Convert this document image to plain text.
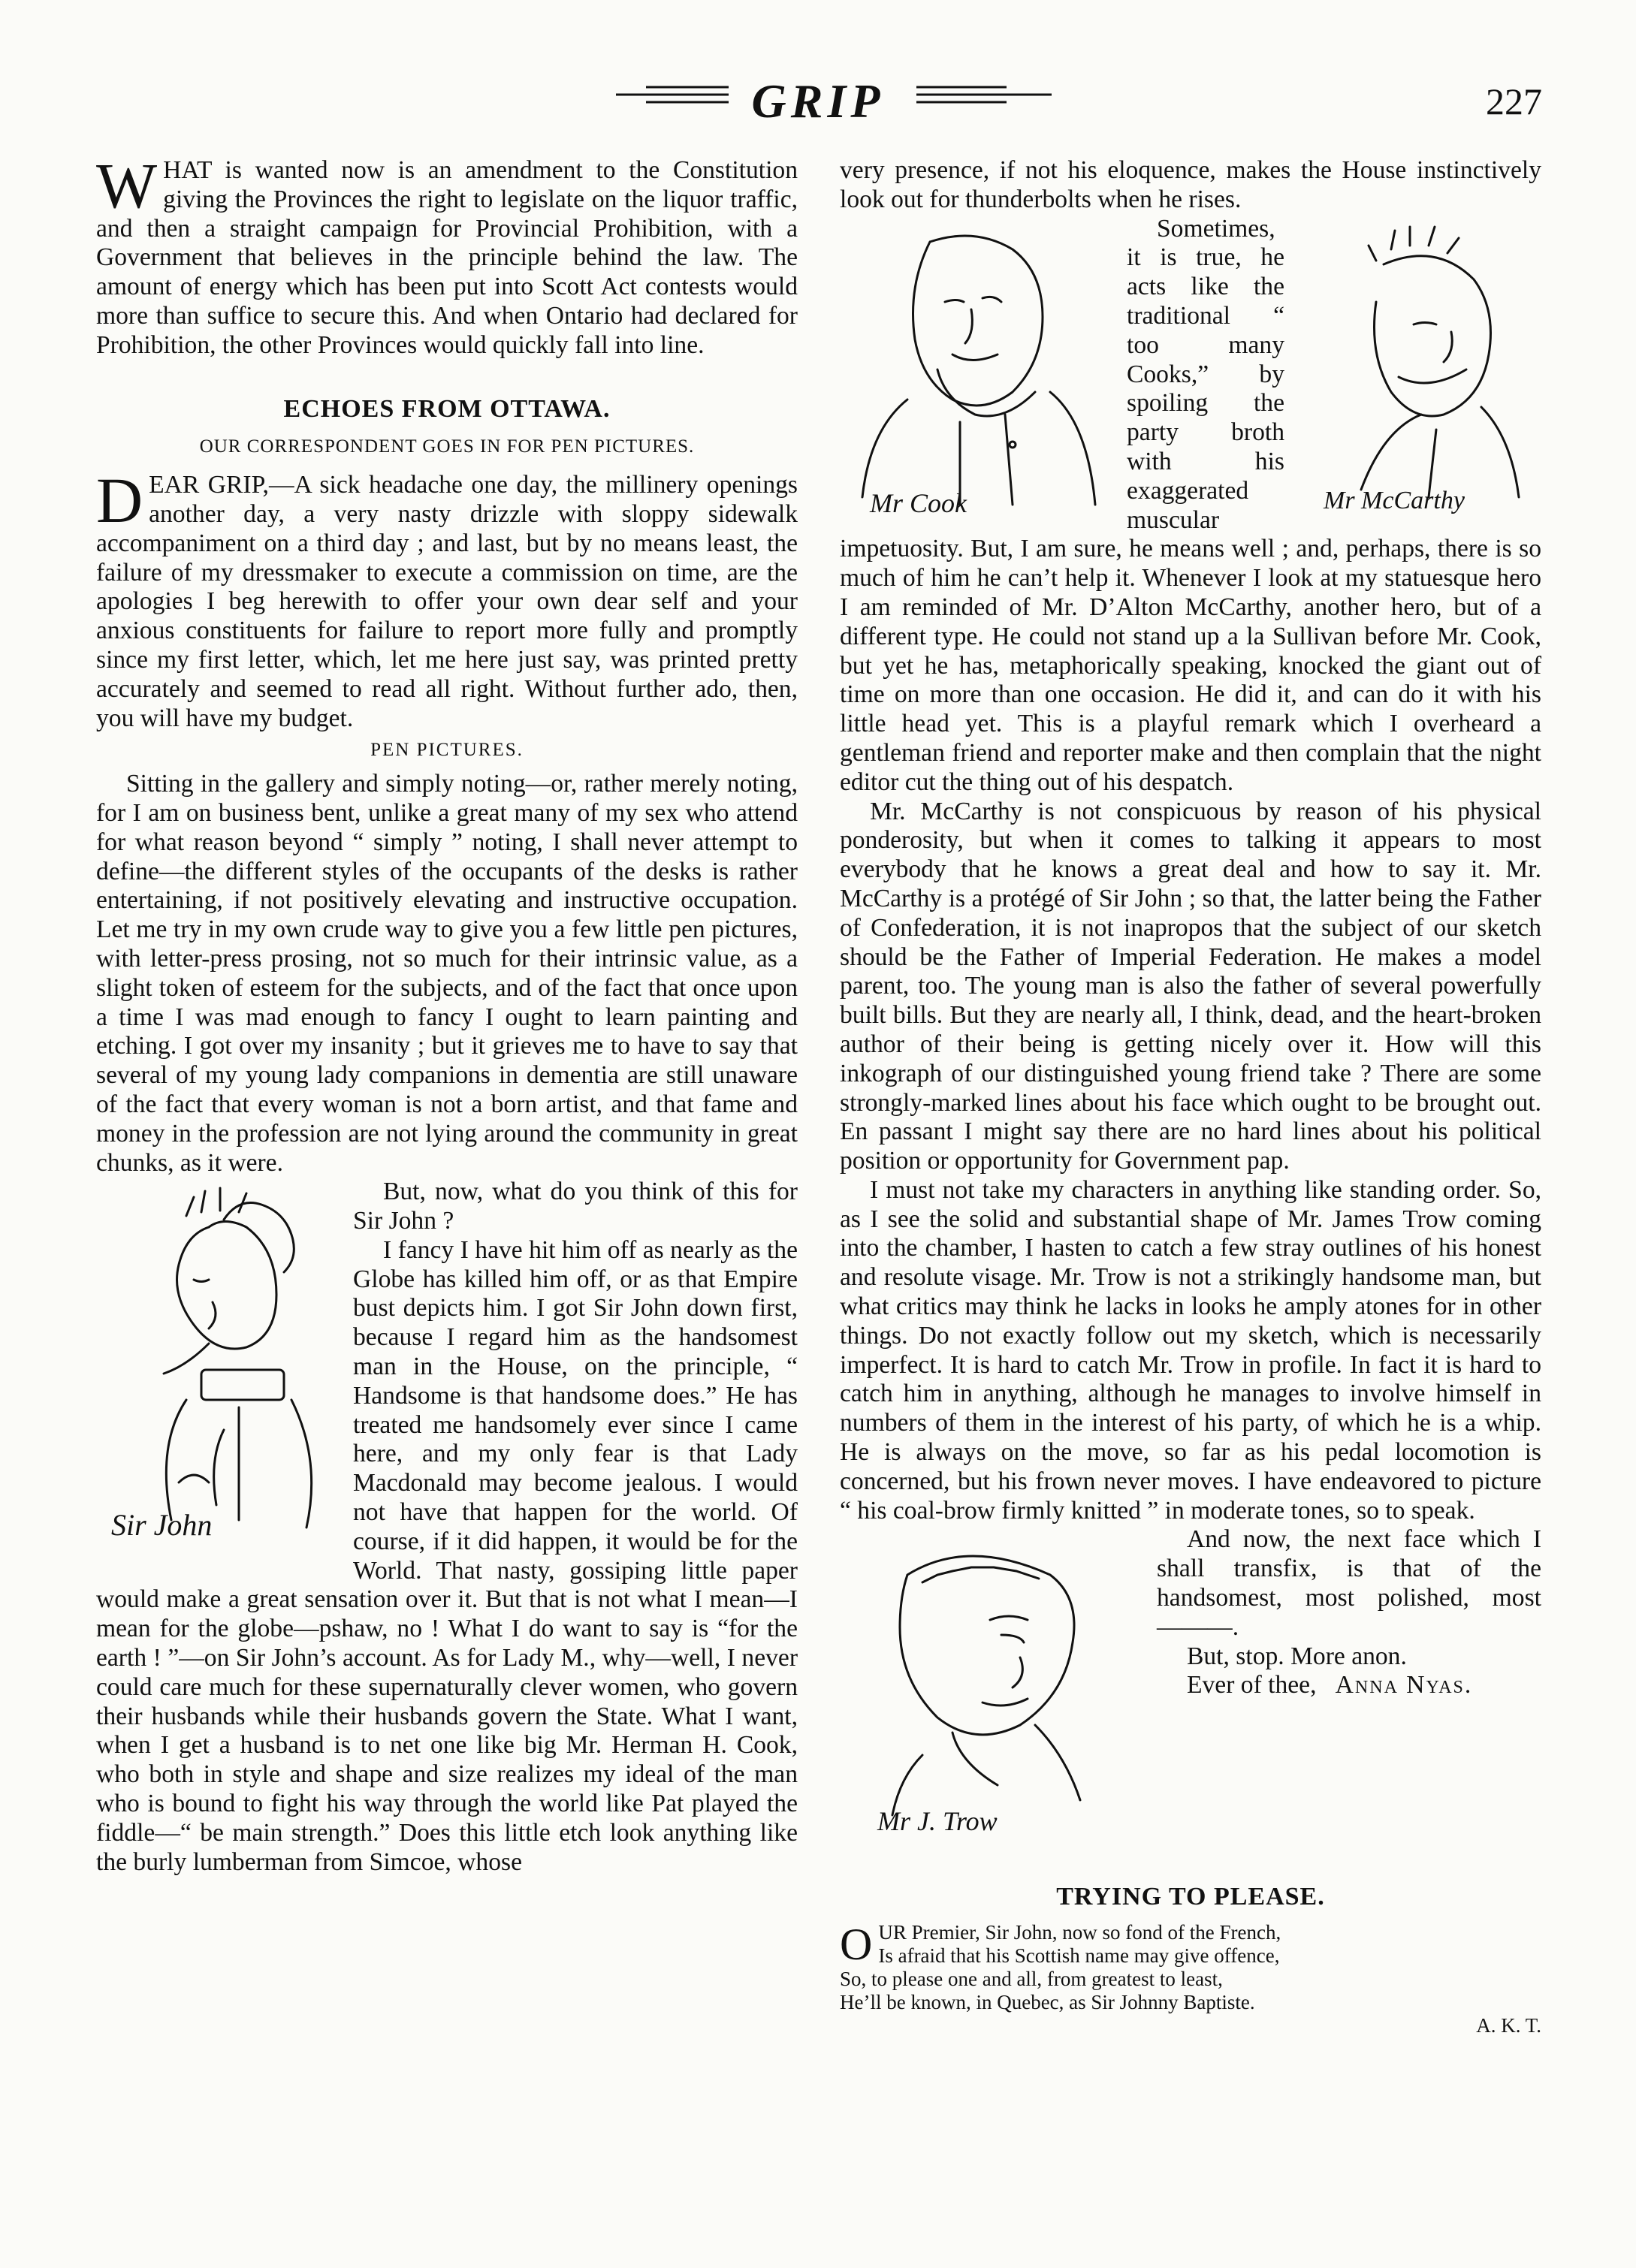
GRIP	227

WHAT is wanted now is an amendment to the Constitution giving the Provinces the right to legislate on the liquor traffic, and then a straight campaign for Provincial Prohibition, with a Government that believes in the principle behind the law. The amount of energy which has been put into Scott Act contests would more than suffice to secure this. And when Ontario had declared for Prohibition, the other Provinces would quickly fall into line.

ECHOES FROM OTTAWA.
OUR CORRESPONDENT GOES IN FOR PEN PICTURES.

DEAR GRIP,—A sick headache one day, the millinery openings another day, a very nasty drizzle with sloppy sidewalk accompaniment on a third day ; and last, but by no means least, the failure of my dressmaker to execute a commission on time, are the apologies I beg herewith to offer your own dear self and your anxious constituents for failure to report more fully and promptly since my first letter, which, let me here just say, was printed pretty accurately and seemed to read all right. Without further ado, then, you will have my budget.

PEN PICTURES.

Sitting in the gallery and simply noting—or, rather merely noting, for I am on business bent, unlike a great many of my sex who attend for what reason beyond “ simply ” noting, I shall never attempt to define—the different styles of the occupants of the desks is rather entertaining, if not positively elevating and instructive occupation. Let me try in my own crude way to give you a few little pen pictures, with letter-press prosing, not so much for their intrinsic value, as a slight token of esteem for the subjects, and of the fact that once upon a time I was mad enough to fancy I ought to learn painting and etching. I got over my insanity ; but it grieves me to have to say that several of my young lady companions in dementia are still unaware of the fact that every woman is not a born artist, and that fame and money in the profession are not lying around the community in great chunks, as it were.

Sir John

But, now, what do you think of this for Sir John ?

I fancy I have hit him off as nearly as the Globe has killed him off, or as that Empire bust depicts him. I got Sir John down first, because I regard him as the handsomest man in the House, on the principle, “ Handsome is that handsome does.” He has treated me handsomely ever since I came here, and my only fear is that Lady Macdonald may become jealous. I would not have that happen for the world. Of course, if it did happen, it would be for the World. That nasty, gossiping little paper would make a great sensation over it. But that is not what I mean—I mean for the globe—pshaw, no ! What I do want to say is “for the earth ! ”—on Sir John’s account. As for Lady M., why—well, I never could care much for these supernaturally clever women, who govern their husbands while their husbands govern the State. What I want, when I get a husband is to net one like big Mr. Herman H. Cook, who both in style and shape and size realizes my ideal of the man who is bound to fight his way through the world like Pat played the fiddle—“ be main strength.” Does this little etch look anything like the burly lumberman from Simcoe, whose

very presence, if not his eloquence, makes the House instinctively look out for thunderbolts when he rises.

Mr Cook	Mr McCarthy
Sometimes, it is true, he acts like the traditional “ too many Cooks,” by spoiling the party broth with his exaggerated muscular impetuosity. But, I am sure, he means well ; and, perhaps, there is so much of him he can’t help it. Whenever I look at my statuesque hero I am reminded of Mr. D’Alton McCarthy, another hero, but of a different type. He could not stand up a la Sullivan before Mr. Cook, but yet he has, metaphorically speaking, knocked the giant out of time on more than one occasion. He did it, and can do it with his little head yet. This is a playful remark which I overheard a gentleman friend and reporter make and then complain that the night editor cut the thing out of his despatch.

Mr. McCarthy is not conspicuous by reason of his physical ponderosity, but when it comes to talking it appears to most everybody that he knows a great deal and how to say it. Mr. McCarthy is a protégé of Sir John ; so that, the latter being the Father of Confederation, it is not inapropos that the subject of our sketch should be the Father of Imperial Federation. He makes a model parent, too. The young man is also the father of several powerfully built bills. But they are nearly all, I think, dead, and the heart-broken author of their being is getting nicely over it. How will this inkograph of our distinguished young friend take ? There are some strongly-marked lines about his face which ought to be brought out. En passant I might say there are no hard lines about his political position or opportunity for Government pap.

I must not take my characters in anything like standing order. So, as I see the solid and substantial shape of Mr. James Trow coming into the chamber, I hasten to catch a few stray outlines of his honest and resolute visage. Mr. Trow is not a strikingly handsome man, but what critics may think he lacks in looks he amply atones for in other things. Do not exactly follow out my sketch, which is necessarily imperfect. It is hard to catch Mr. Trow in profile. In fact it is hard to catch him in anything, although he manages to involve himself in numbers of them in the interest of his party, of which he is a whip. He is always on the move, so far as his pedal locomotion is concerned, but his frown never moves. I have endeavored to picture “ his coal-brow firmly knitted ” in moderate tones, so to speak.

Mr J. Trow

And now, the next face which I shall transfix, is that of the handsomest, most polished, most ———.

But, stop. More anon.

Ever of thee, Anna Nyas.

TRYING TO PLEASE.

OUR Premier, Sir John, now so fond of the French,

Is afraid that his Scottish name may give offence,

So, to please one and all, from greatest to least,

He’ll be known, in Quebec, as Sir Johnny Baptiste.

A. K. T.
